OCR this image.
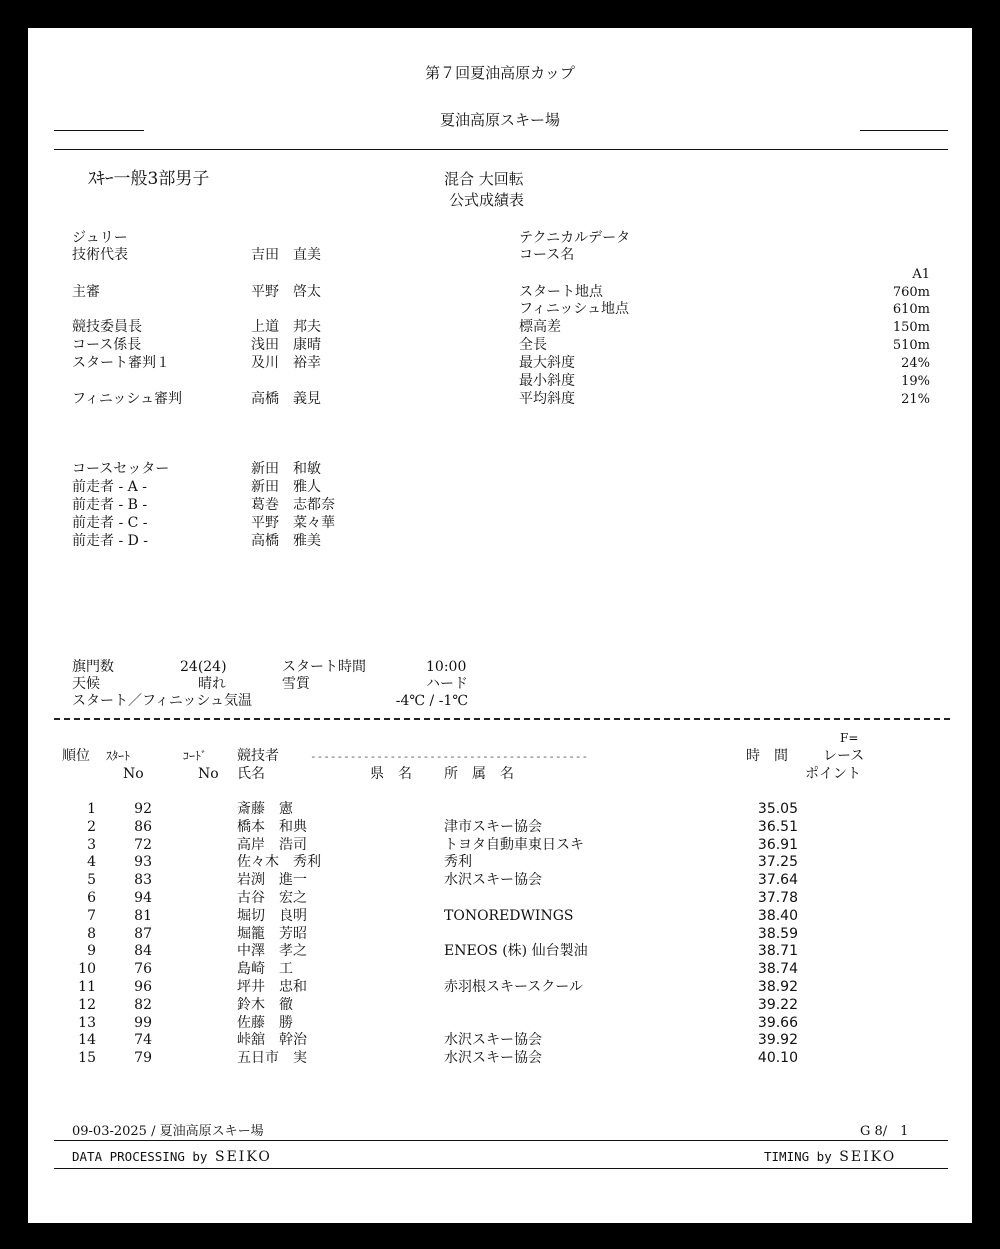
第７回夏油高原カップ
夏油高原スキー場
ｽｷｰ一般3部男子	混合 大回転
公式成績表
ジュリー
技術代表	吉田　直美
主審	平野　啓太
競技委員長	上道　邦夫
コース係長	浅田　康晴
スタート審判１	及川　裕幸
フィニッシュ審判	高橋　義見
テクニカルデータ
コース名
A1
スタート地点	760m
フィニッシュ地点	610m
標高差	150m
全長	510m
最大斜度	24%
最小斜度	19%
平均斜度	21%
コースセッター	新田　和敏
前走者 - A -	新田　雅人
前走者 - B -	葛巻　志都奈
前走者 - C -	平野　菜々華
前走者 - D -	高橋　雅美
旗門数	24(24)	スタート時間	10:00
天候	晴れ	雪質	ハード
スタート／フィニッシュ気温	-4℃ / -1℃
順位 ｽﾀｰﾄ
No
ｺｰﾄﾞ
No
競技者	------------------------------------------
氏名	県　名 所　属　名
時　間
F=
レース
ポイント
1	92	斎藤　憲	35.05
2	86	橋本　和典	津市スキー協会	36.51
3	72	高岸　浩司	トヨタ自動車東日スキ	36.91
4	93	佐々木　秀利	秀利	37.25
5	83	岩渕　進一	水沢スキー協会	37.64
6	94	古谷　宏之	37.78
7	81	堀切　良明	TONOREDWINGS	38.40
8	87	堀籠　芳昭	38.59
9	84	中澤　孝之	ENEOS (株) 仙台製油	38.71
10	76	島崎　工	38.74
11	96	坪井　忠和	赤羽根スキースクール	38.92
12	82	鈴木　徹	39.22
13	99	佐藤　勝	39.66
14	74	峠舘　幹治	水沢スキー協会	39.92
15	79	五日市　実	水沢スキー協会	40.10
09-03-2025 / 夏油高原スキー場	G 8/　1
DATA PROCESSING by SEIKO	TIMING by SEIKO
